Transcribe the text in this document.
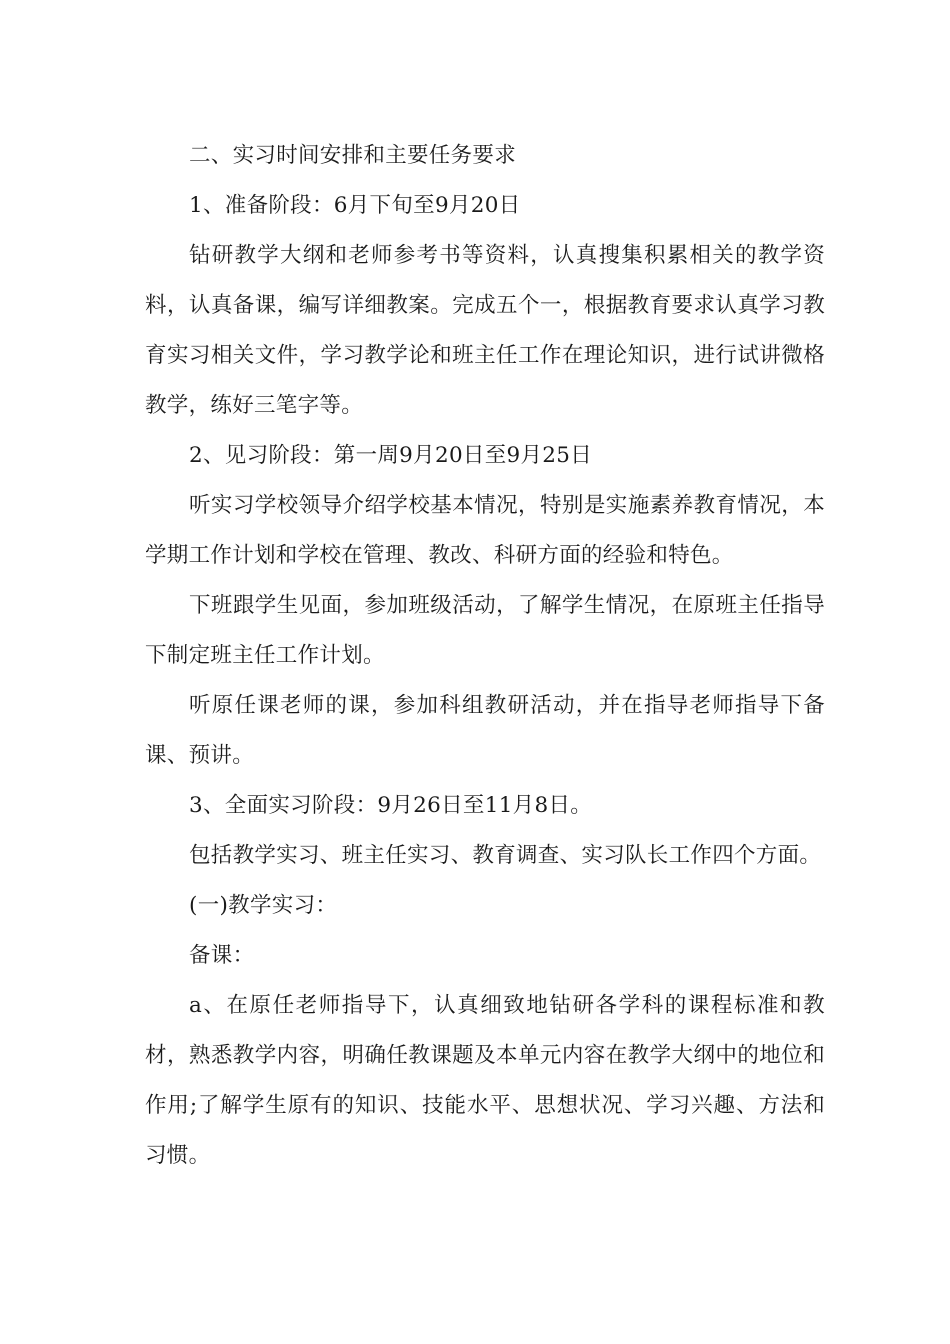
二、实习时间安排和主要任务要求

1、准备阶段：6月下旬至9月20日

钻研教学大纲和老师参考书等资料，认真搜集积累相关的教学资料，认真备课，编写详细教案。完成五个一，根据教育要求认真学习教育实习相关文件，学习教学论和班主任工作在理论知识，进行试讲微格教学，练好三笔字等。

2、见习阶段：第一周9月20日至9月25日

听实习学校领导介绍学校基本情况，特别是实施素养教育情况，本学期工作计划和学校在管理、教改、科研方面的经验和特色。

下班跟学生见面，参加班级活动，了解学生情况，在原班主任指导下制定班主任工作计划。

听原任课老师的课，参加科组教研活动，并在指导老师指导下备课、预讲。

3、全面实习阶段：9月26日至11月8日。

包括教学实习、班主任实习、教育调查、实习队长工作四个方面。

(一)教学实习：

备课：

a、在原任老师指导下，认真细致地钻研各学科的课程标准和教材，熟悉教学内容，明确任教课题及本单元内容在教学大纲中的地位和作用;了解学生原有的知识、技能水平、思想状况、学习兴趣、方法和习惯。
